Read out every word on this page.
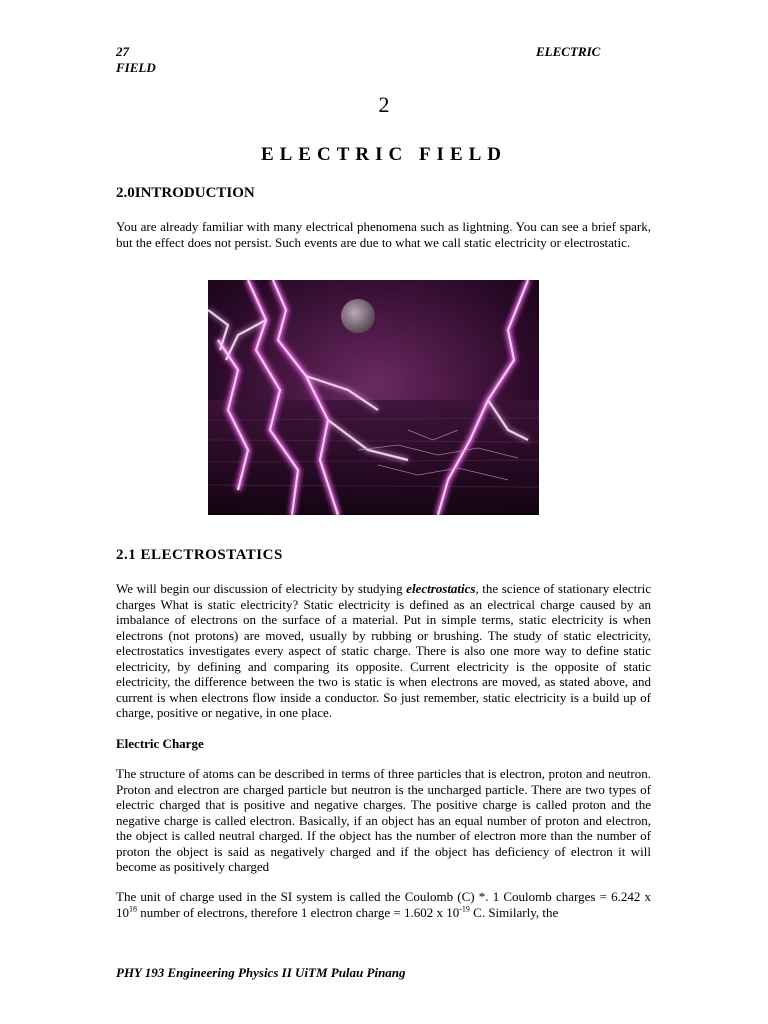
27	ELECTRIC
FIELD
2
ELECTRIC FIELD
2.0INTRODUCTION
You are already familiar with many electrical phenomena such as lightning. You can see a brief spark, but the effect does not persist. Such events are due to what we call static electricity or electrostatic.
2.1 ELECTROSTATICS
We will begin our discussion of electricity by studying electrostatics, the science of stationary electric charges What is static electricity? Static electricity is defined as an electrical charge caused by an imbalance of electrons on the surface of a material. Put in simple terms, static electricity is when electrons (not protons) are moved, usually by rubbing or brushing. The study of static electricity, electrostatics investigates every aspect of static charge. There is also one more way to define static electricity, by defining and comparing its opposite. Current electricity is the opposite of static electricity, the difference between the two is static is when electrons are moved, as stated above, and current is when electrons flow inside a conductor. So just remember, static electricity is a build up of charge, positive or negative, in one place.
Electric Charge
The structure of atoms can be described in terms of three particles that is electron, proton and neutron. Proton and electron are charged particle but neutron is the uncharged particle. There are two types of electric charged that is positive and negative charges. The positive charge is called proton and the negative charge is called electron. Basically, if an object has an equal number of proton and electron, the object is called neutral charged. If the object has the number of electron more than the number of proton the object is said as negatively charged and if the object has deficiency of electron it will become as positively charged
The unit of charge used in the SI system is called the Coulomb (C) *. 1 Coulomb charges = 6.242 x $10^{18}$ number of electrons, therefore 1 electron charge = 1.602 x $10^{-19}$ C. Similarly, the
PHY 193 Engineering Physics II UiTM Pulau Pinang
